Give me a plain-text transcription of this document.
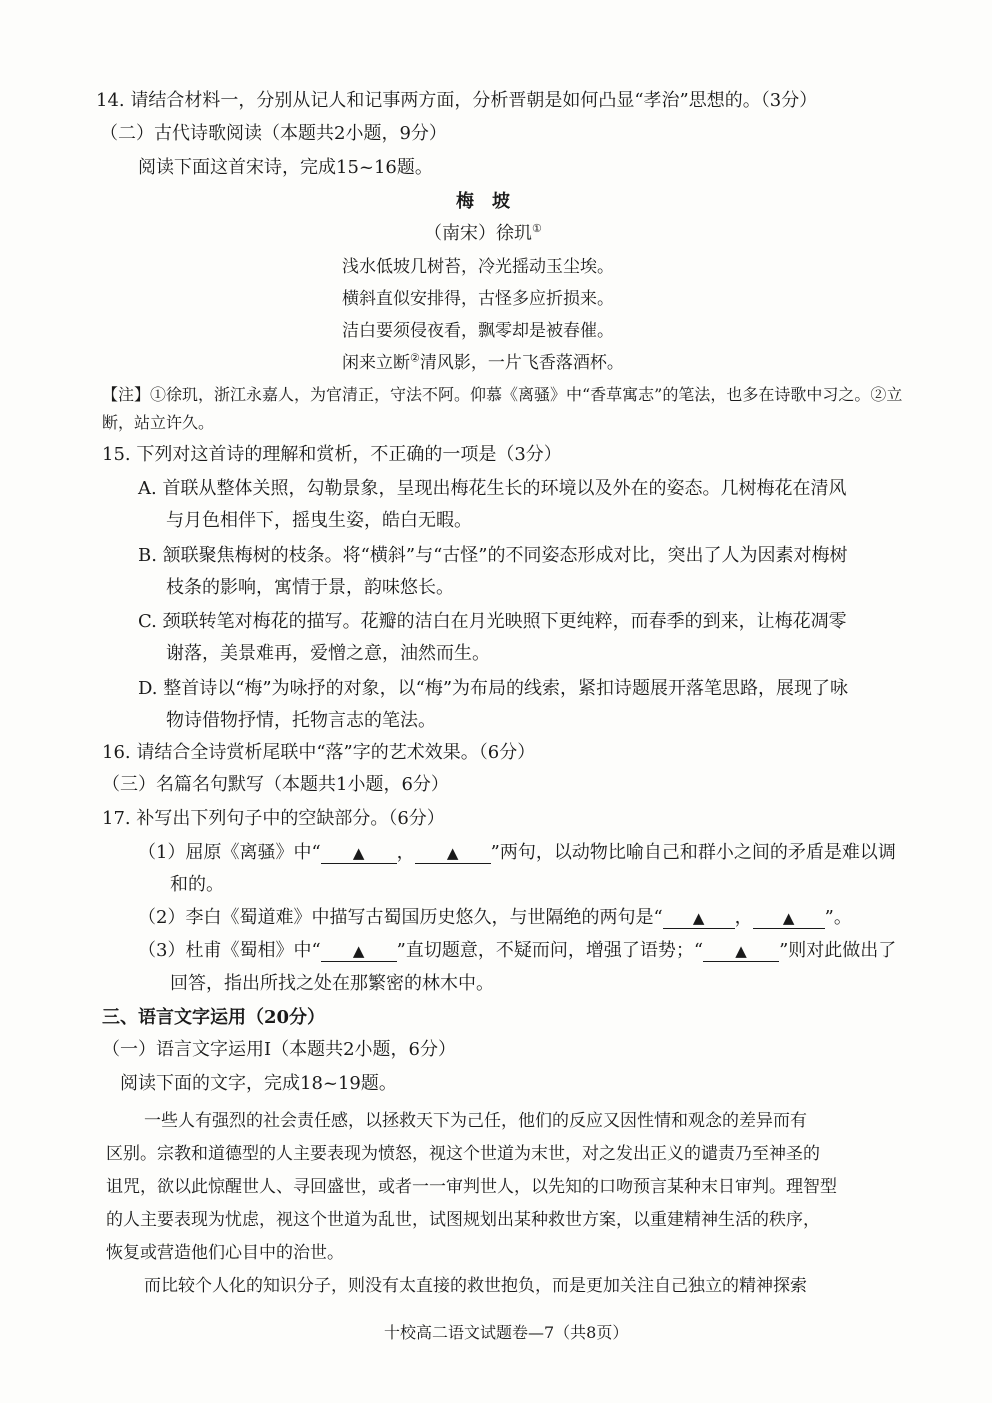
14. 请结合材料一，分别从记人和记事两方面，分析晋朝是如何凸显“孝治”思想的。（3分）
（二）古代诗歌阅读（本题共2小题，9分）
阅读下面这首宋诗，完成15~16题。
梅　坡
（南宋）徐玑①
浅水低坡几树苔，冷光摇动玉尘埃。
横斜直似安排得，古怪多应折损来。
洁白要须侵夜看，飘零却是被春催。
闲来立断②清风影，一片飞香落酒杯。
【注】①徐玑，浙江永嘉人，为官清正，守法不阿。仰慕《离骚》中“香草寓志”的笔法，也多在诗歌中习之。②立
断，站立许久。
15. 下列对这首诗的理解和赏析，不正确的一项是（3分）
A. 首联从整体关照，勾勒景象，呈现出梅花生长的环境以及外在的姿态。几树梅花在清风
与月色相伴下，摇曳生姿，皓白无暇。
B. 颔联聚焦梅树的枝条。将“横斜”与“古怪”的不同姿态形成对比，突出了人为因素对梅树
枝条的影响，寓情于景，韵味悠长。
C. 颈联转笔对梅花的描写。花瓣的洁白在月光映照下更纯粹，而春季的到来，让梅花凋零
谢落，美景难再，爱憎之意，油然而生。
D. 整首诗以“梅”为咏抒的对象，以“梅”为布局的线索，紧扣诗题展开落笔思路，展现了咏
物诗借物抒情，托物言志的笔法。
16. 请结合全诗赏析尾联中“落”字的艺术效果。（6分）
（三）名篇名句默写（本题共1小题，6分）
17. 补写出下列句子中的空缺部分。（6分）
（1）屈原《离骚》中“ ▲ ， ▲ ”两句，以动物比喻自己和群小之间的矛盾是难以调
和的。
（2）李白《蜀道难》中描写古蜀国历史悠久，与世隔绝的两句是“ ▲ ， ▲ ”。
（3）杜甫《蜀相》中“ ▲ ”直切题意，不疑而问，增强了语势；“ ▲ ”则对此做出了
回答，指出所找之处在那繁密的林木中。
三、语言文字运用（20分）
（一）语言文字运用Ⅰ（本题共2小题，6分）
阅读下面的文字，完成18~19题。
一些人有强烈的社会责任感，以拯救天下为己任，他们的反应又因性情和观念的差异而有
区别。宗教和道德型的人主要表现为愤怒，视这个世道为末世，对之发出正义的谴责乃至神圣的
诅咒，欲以此惊醒世人、寻回盛世，或者一一审判世人，以先知的口吻预言某种末日审判。理智型
的人主要表现为忧虑，视这个世道为乱世，试图规划出某种救世方案，以重建精神生活的秩序，
恢复或营造他们心目中的治世。
而比较个人化的知识分子，则没有太直接的救世抱负，而是更加关注自己独立的精神探索
十校高二语文试题卷—7（共8页）
